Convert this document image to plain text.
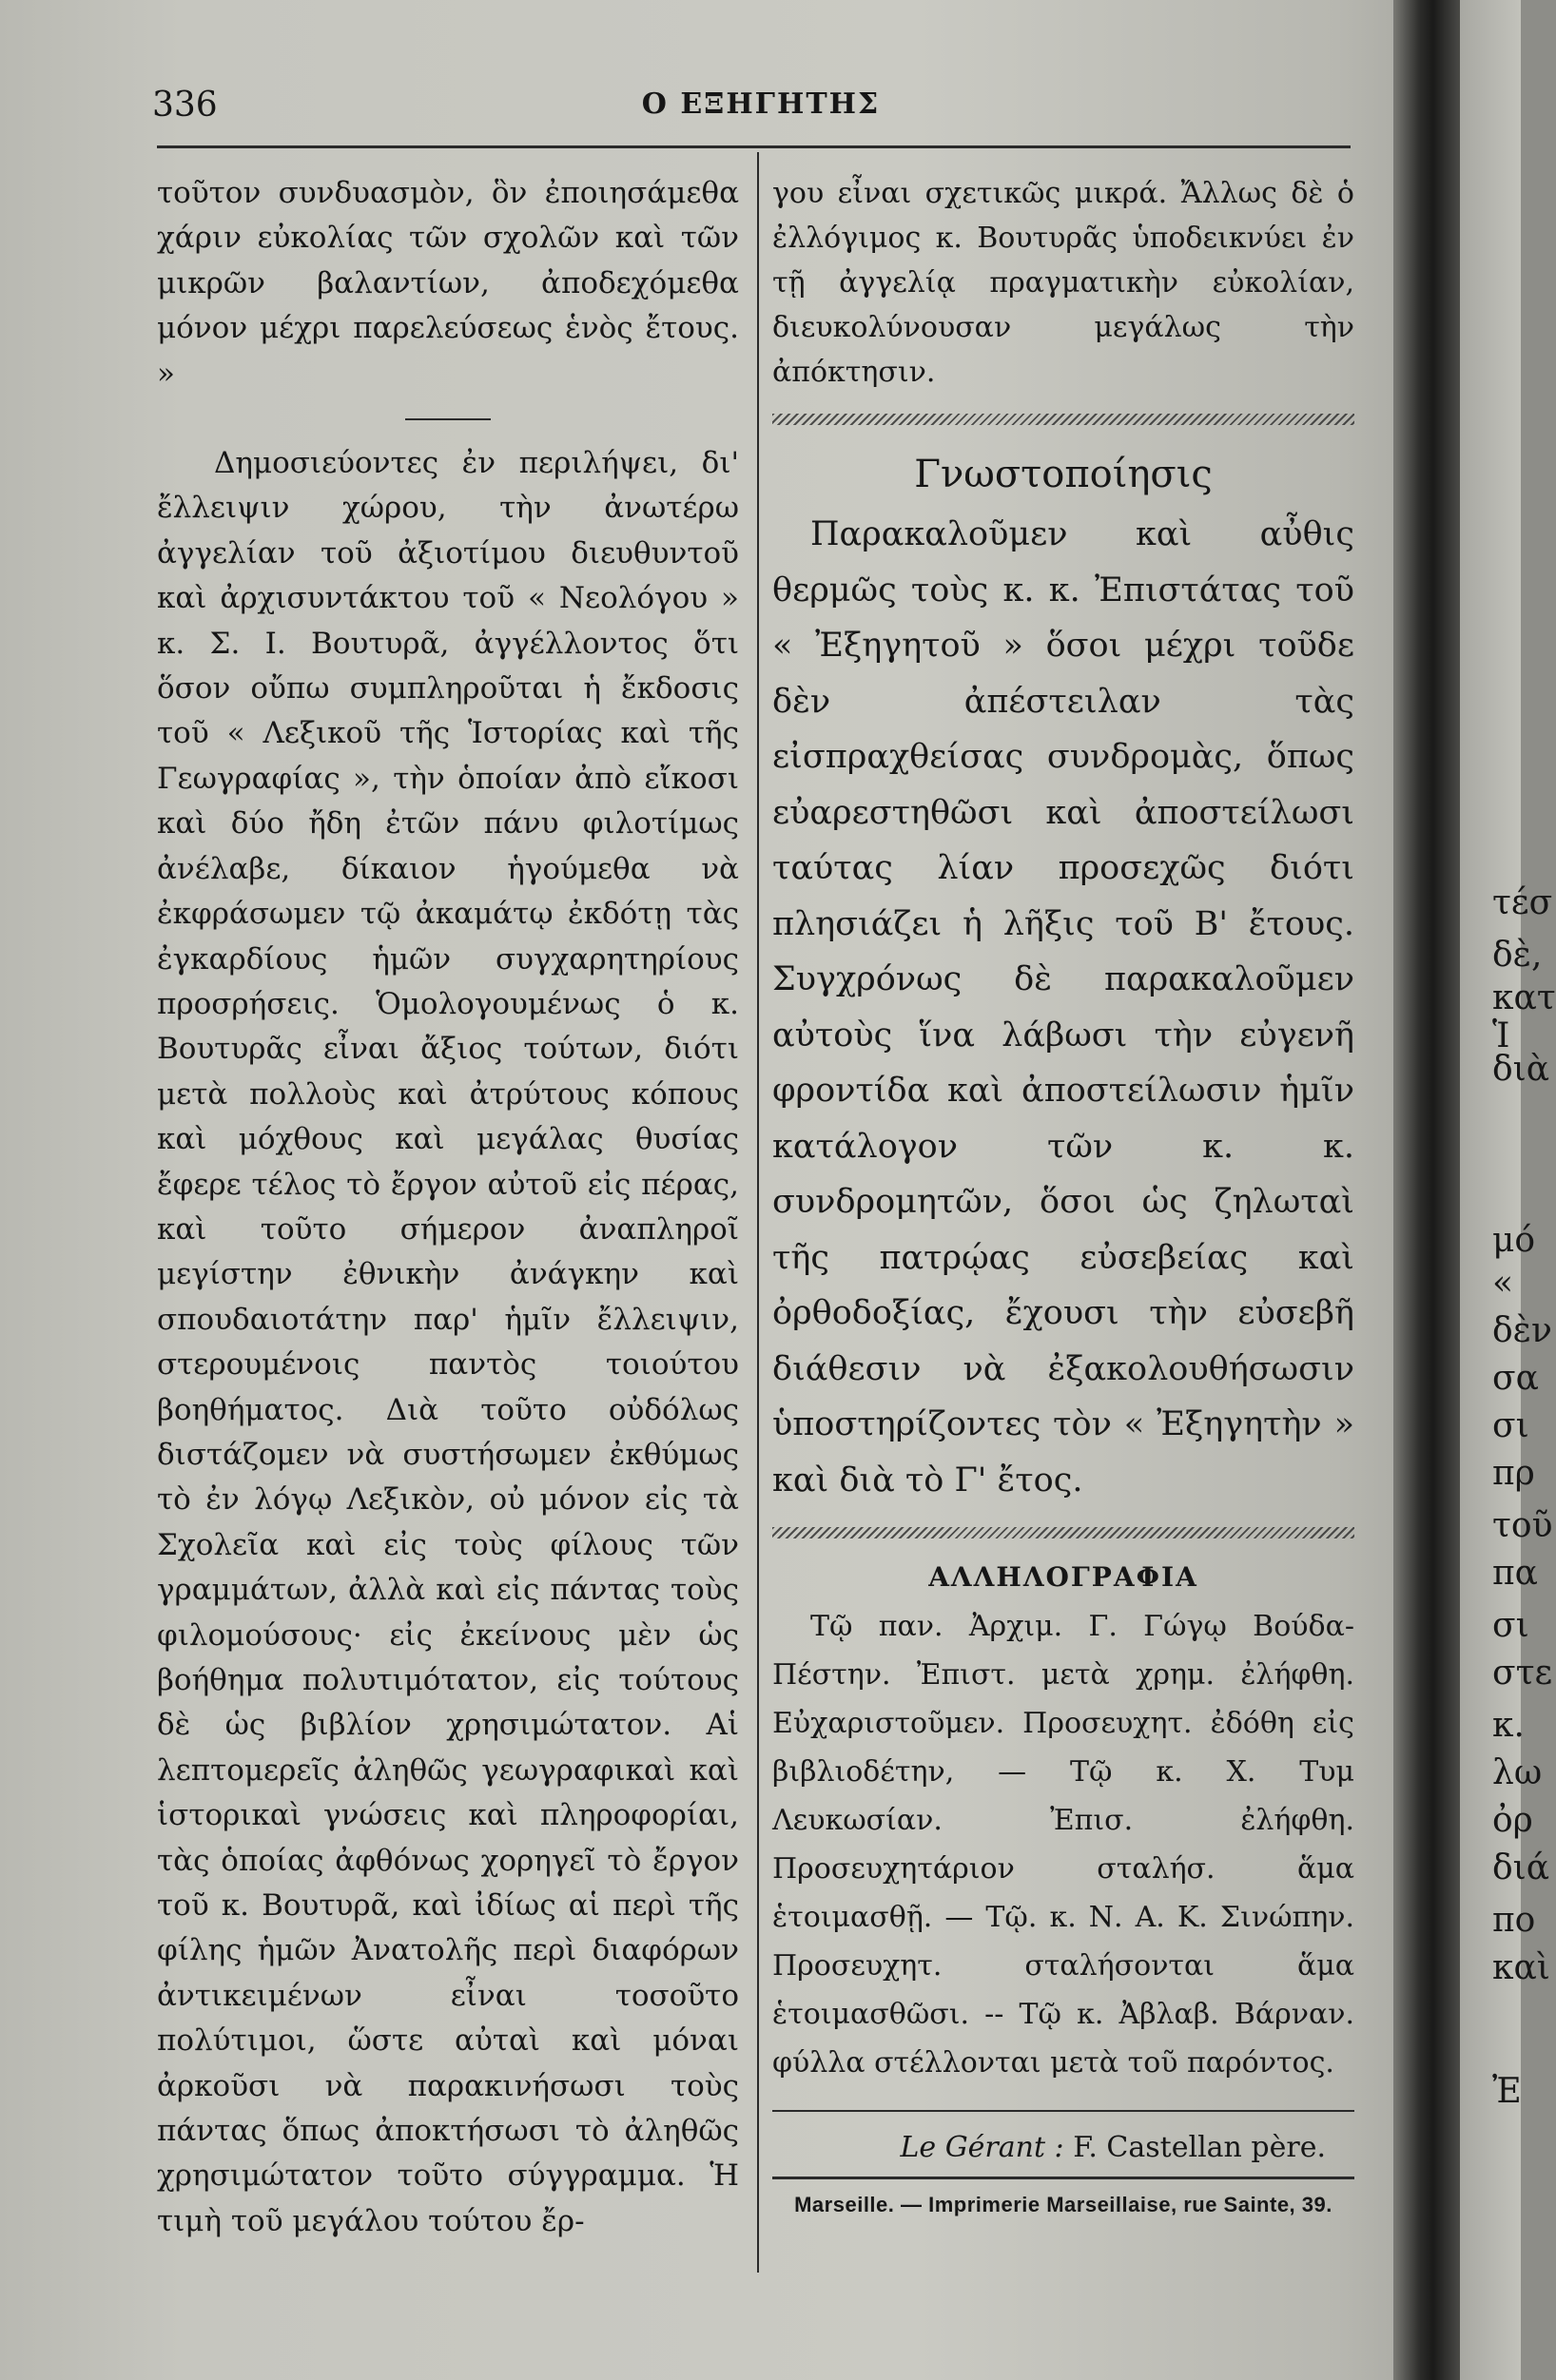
336	Ο ΕΞΗΓΗΤΗΣ

τοῦτον συνδυασμὸν, ὃν ἐποιησάμεθα χάριν εὐκολίας τῶν σχολῶν καὶ τῶν μικρῶν βαλαντίων, ἀποδεχόμεθα μόνον μέχρι παρελεύσεως ἑνὸς ἔτους. »

Δημοσιεύοντες ἐν περιλήψει, δι' ἔλλειψιν χώρου, τὴν ἀνωτέρω ἀγγελίαν τοῦ ἀξιοτίμου διευθυντοῦ καὶ ἀρχισυντάκτου τοῦ « Νεολόγου » κ. Σ. Ι. Βουτυρᾶ, ἀγγέλλοντος ὅτι ὅσον οὔπω συμπληροῦται ἡ ἔκδοσις τοῦ « Λεξικοῦ τῆς Ἱστορίας καὶ τῆς Γεωγραφίας », τὴν ὁποίαν ἀπὸ εἴκοσι καὶ δύο ἤδη ἐτῶν πάνυ φιλοτίμως ἀνέλαβε, δίκαιον ἡγούμεθα νὰ ἐκφράσωμεν τῷ ἀκαμάτῳ ἐκδότῃ τὰς ἐγκαρδίους ἡμῶν συγχαρητηρίους προσρήσεις. Ὁμολογουμένως ὁ κ. Βουτυρᾶς εἶναι ἄξιος τούτων, διότι μετὰ πολλοὺς καὶ ἀτρύτους κόπους καὶ μόχθους καὶ μεγάλας θυσίας ἔφερε τέλος τὸ ἔργον αὐτοῦ εἰς πέρας, καὶ τοῦτο σήμερον ἀναπληροῖ μεγίστην ἐθνικὴν ἀνάγκην καὶ σπουδαιοτάτην παρ' ἡμῖν ἔλλειψιν, στερουμένοις παντὸς τοιούτου βοηθήματος. Διὰ τοῦτο οὐδόλως διστάζομεν νὰ συστήσωμεν ἐκθύμως τὸ ἐν λόγῳ Λεξικὸν, οὐ μόνον εἰς τὰ Σχολεῖα καὶ εἰς τοὺς φίλους τῶν γραμμάτων, ἀλλὰ καὶ εἰς πάντας τοὺς φιλομούσους· εἰς ἐκείνους μὲν ὡς βοήθημα πολυτιμότατον, εἰς τούτους δὲ ὡς βιβλίον χρησιμώτατον. Αἱ λεπτομερεῖς ἀληθῶς γεωγραφικαὶ καὶ ἱστορικαὶ γνώσεις καὶ πληροφορίαι, τὰς ὁποίας ἀφθόνως χορηγεῖ τὸ ἔργον τοῦ κ. Βουτυρᾶ, καὶ ἰδίως αἱ περὶ τῆς φίλης ἡμῶν Ἀνατολῆς περὶ διαφόρων ἀντικειμένων εἶναι τοσοῦτο πολύτιμοι, ὥστε αὐταὶ καὶ μόναι ἀρκοῦσι νὰ παρακινήσωσι τοὺς πάντας ὅπως ἀποκτήσωσι τὸ ἀληθῶς χρησιμώτατον τοῦτο σύγγραμμα. Ἡ τιμὴ τοῦ μεγάλου τούτου ἔρ-

γου εἶναι σχετικῶς μικρά. Ἄλλως δὲ ὁ ἐλλόγιμος κ. Βουτυρᾶς ὑποδεικνύει ἐν τῇ ἀγγελίᾳ πραγματικὴν εὐκολίαν, διευκολύνουσαν μεγάλως τὴν ἀπόκτησιν.

Γνωστοποίησις

Παρακαλοῦμεν καὶ αὖθις θερμῶς τοὺς κ. κ. Ἐπιστάτας τοῦ « Ἐξηγητοῦ » ὅσοι μέχρι τοῦδε δὲν ἀπέστειλαν τὰς εἰσπραχθείσας συνδρομὰς, ὅπως εὐαρεστηθῶσι καὶ ἀποστείλωσι ταύτας λίαν προσεχῶς διότι πλησιάζει ἡ λῆξις τοῦ Β' ἔτους. Συγχρόνως δὲ παρακαλοῦμεν αὐτοὺς ἵνα λάβωσι τὴν εὐγενῆ φροντίδα καὶ ἀποστείλωσιν ἡμῖν κατάλογον τῶν κ. κ. συνδρομητῶν, ὅσοι ὡς ζηλωταὶ τῆς πατρῴας εὐσεβείας καὶ ὀρθοδοξίας, ἔχουσι τὴν εὐσεβῆ διάθεσιν νὰ ἐξακολουθήσωσιν ὑποστηρίζοντες τὸν « Ἐξηγητὴν » καὶ διὰ τὸ Γ' ἔτος.

ΑΛΛΗΛΟΓΡΑΦΙΑ

Τῷ παν. Ἀρχιμ. Γ. Γώγῳ Βούδα-Πέστην. Ἐπιστ. μετὰ χρημ. ἐλήφθη. Εὐχαριστοῦμεν. Προσευχητ. ἐδόθη εἰς βιβλιοδέτην, — Τῷ κ. Χ. Τυμ Λευκωσίαν. Ἐπισ. ἐλήφθη. Προσευχητάριον σταλήσ. ἅμα ἑτοιμασθῇ. — Τῷ. κ. Ν. Α. Κ. Σινώπην. Προσευχητ. σταλήσονται ἅμα ἑτοιμασθῶσι. -- Τῷ κ. Ἀβλαβ. Βάρναν. φύλλα στέλλονται μετὰ τοῦ παρόντος.

Le Gérant : F. Castellan père.
Marseille. — Imprimerie Marseillaise, rue Sainte, 39.
τέσ
δὲ,
κατ
Ἱ
διὰ
μό
«
δὲν
σα
σι
πρ
τοῦ
πα
σι
στε
κ.
λω
ὀρ
διά
πο
καὶ
Ἐ
